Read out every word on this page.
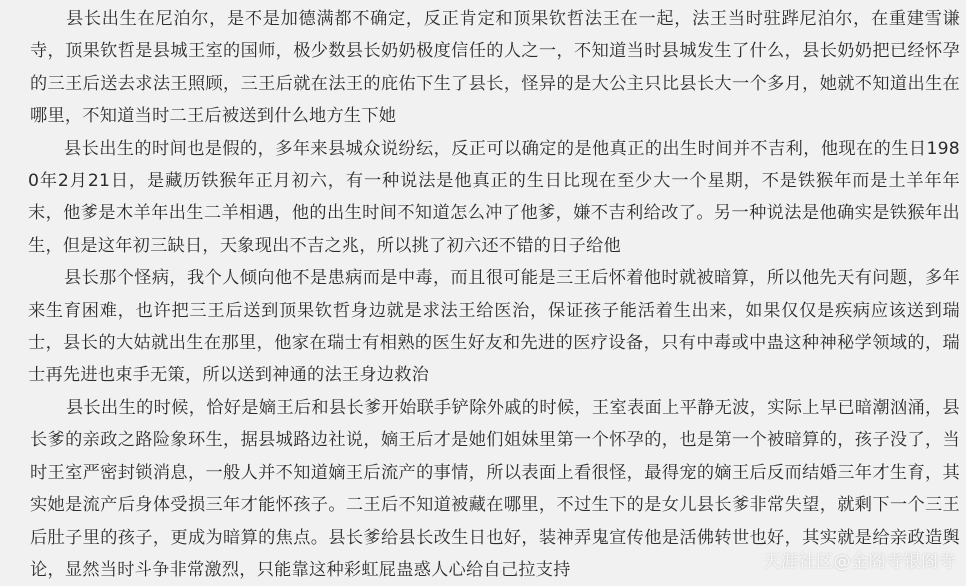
县长出生在尼泊尔，是不是加德满都不确定，反正肯定和顶果钦哲法王在一起，法王当时驻跸尼泊尔，在重建雪谦寺，顶果钦哲是县城王室的国师，极少数县长奶奶极度信任的人之一，不知道当时县城发生了什么，县长奶奶把已经怀孕的三王后送去求法王照顾，三王后就在法王的庇佑下生了县长，怪异的是大公主只比县长大一个多月，她就不知道出生在哪里，不知道当时二王后被送到什么地方生下她

县长出生的时间也是假的，多年来县城众说纷纭，反正可以确定的是他真正的出生时间并不吉利，他现在的生日1980年2月21日，是藏历铁猴年正月初六，有一种说法是他真正的生日比现在至少大一个星期，不是铁猴年而是土羊年年末，他爹是木羊年出生二羊相遇，他的出生时间不知道怎么冲了他爹，嫌不吉利给改了。另一种说法是他确实是铁猴年出生，但是这年初三缺日，天象现出不吉之兆，所以挑了初六还不错的日子给他

县长那个怪病，我个人倾向他不是患病而是中毒，而且很可能是三王后怀着他时就被暗算，所以他先天有问题，多年来生育困难，也许把三王后送到顶果钦哲身边就是求法王给医治，保证孩子能活着生出来，如果仅仅是疾病应该送到瑞士，县长的大姑就出生在那里，他家在瑞士有相熟的医生好友和先进的医疗设备，只有中毒或中蛊这种神秘学领域的，瑞士再先进也束手无策，所以送到神通的法王身边救治

县长出生的时候，恰好是嫡王后和县长爹开始联手铲除外戚的时候，王室表面上平静无波，实际上早已暗潮汹涌，县长爹的亲政之路险象环生，据县城路边社说，嫡王后才是她们姐妹里第一个怀孕的，也是第一个被暗算的，孩子没了，当时王室严密封锁消息，一般人并不知道嫡王后流产的事情，所以表面上看很怪，最得宠的嫡王后反而结婚三年才生育，其实她是流产后身体受损三年才能怀孩子。二王后不知道被藏在哪里，不过生下的是女儿县长爹非常失望，就剩下一个三王后肚子里的孩子，更成为暗算的焦点。县长爹给县长改生日也好，装神弄鬼宣传他是活佛转世也好，其实就是给亲政造舆论，显然当时斗争非常激烈，只能靠这种彩虹屁蛊惑人心给自己拉支持	天涯社区@金阁寺银阁寺
